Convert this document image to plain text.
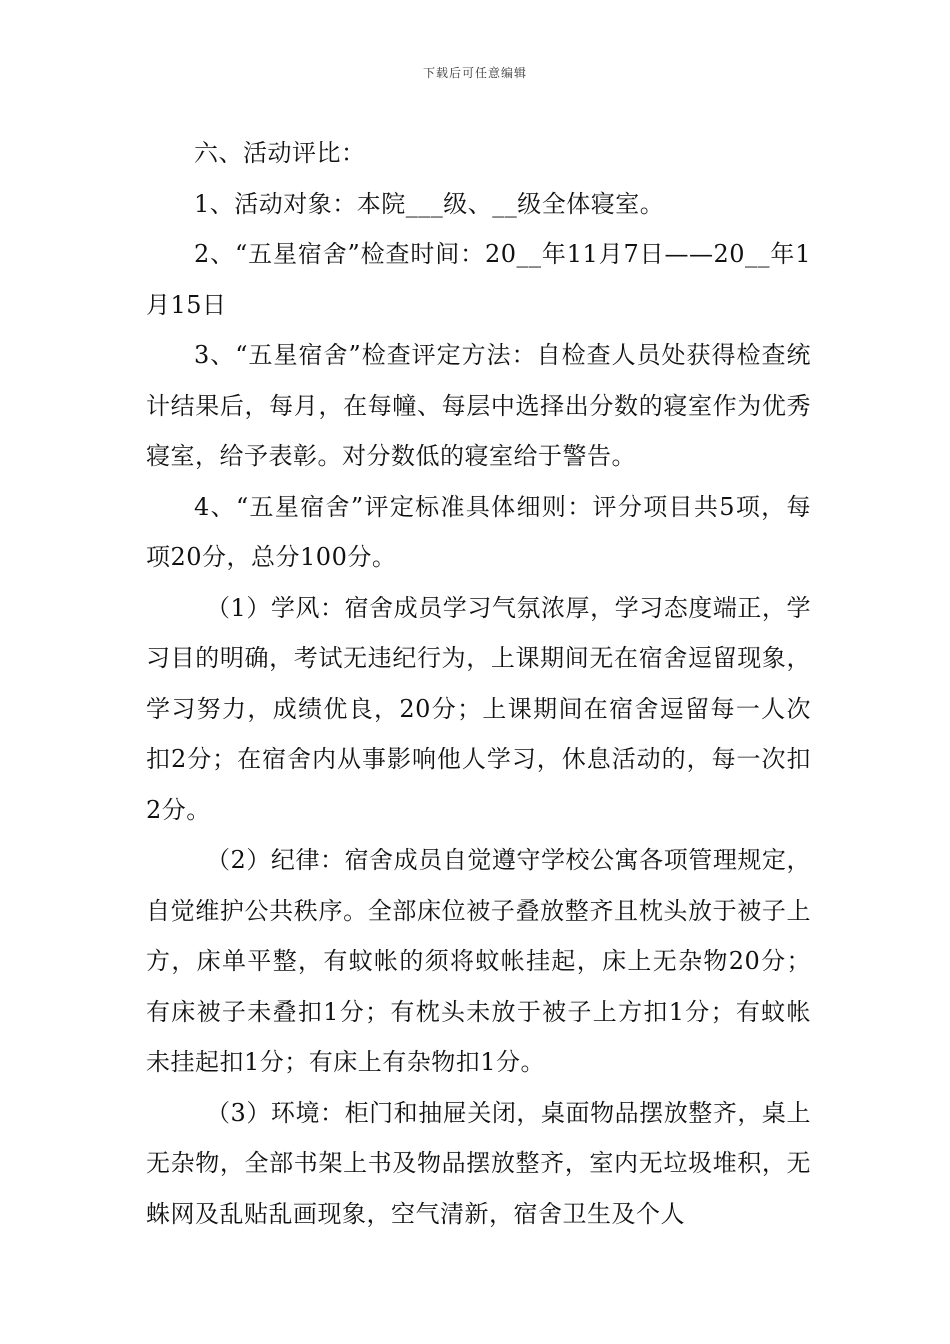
下载后可任意编辑

六、活动评比：

1、活动对象：本院___级、__级全体寝室。

2、“五星宿舍”检查时间：20__年11月7日——20__年1月15日

3、“五星宿舍”检查评定方法：自检查人员处获得检查统计结果后，每月，在每幢、每层中选择出分数的寝室作为优秀寝室，给予表彰。对分数低的寝室给于警告。

4、“五星宿舍”评定标准具体细则：评分项目共5项，每项20分，总分100分。

（1）学风：宿舍成员学习气氛浓厚，学习态度端正，学习目的明确，考试无违纪行为，上课期间无在宿舍逗留现象，学习努力，成绩优良，20分；上课期间在宿舍逗留每一人次扣2分；在宿舍内从事影响他人学习，休息活动的，每一次扣2分。

（2）纪律：宿舍成员自觉遵守学校公寓各项管理规定，自觉维护公共秩序。全部床位被子叠放整齐且枕头放于被子上方，床单平整，有蚊帐的须将蚊帐挂起，床上无杂物20分；有床被子未叠扣1分；有枕头未放于被子上方扣1分；有蚊帐未挂起扣1分；有床上有杂物扣1分。

（3）环境：柜门和抽屉关闭，桌面物品摆放整齐，桌上无杂物，全部书架上书及物品摆放整齐，室内无垃圾堆积，无蛛网及乱贴乱画现象，空气清新，宿舍卫生及个人
